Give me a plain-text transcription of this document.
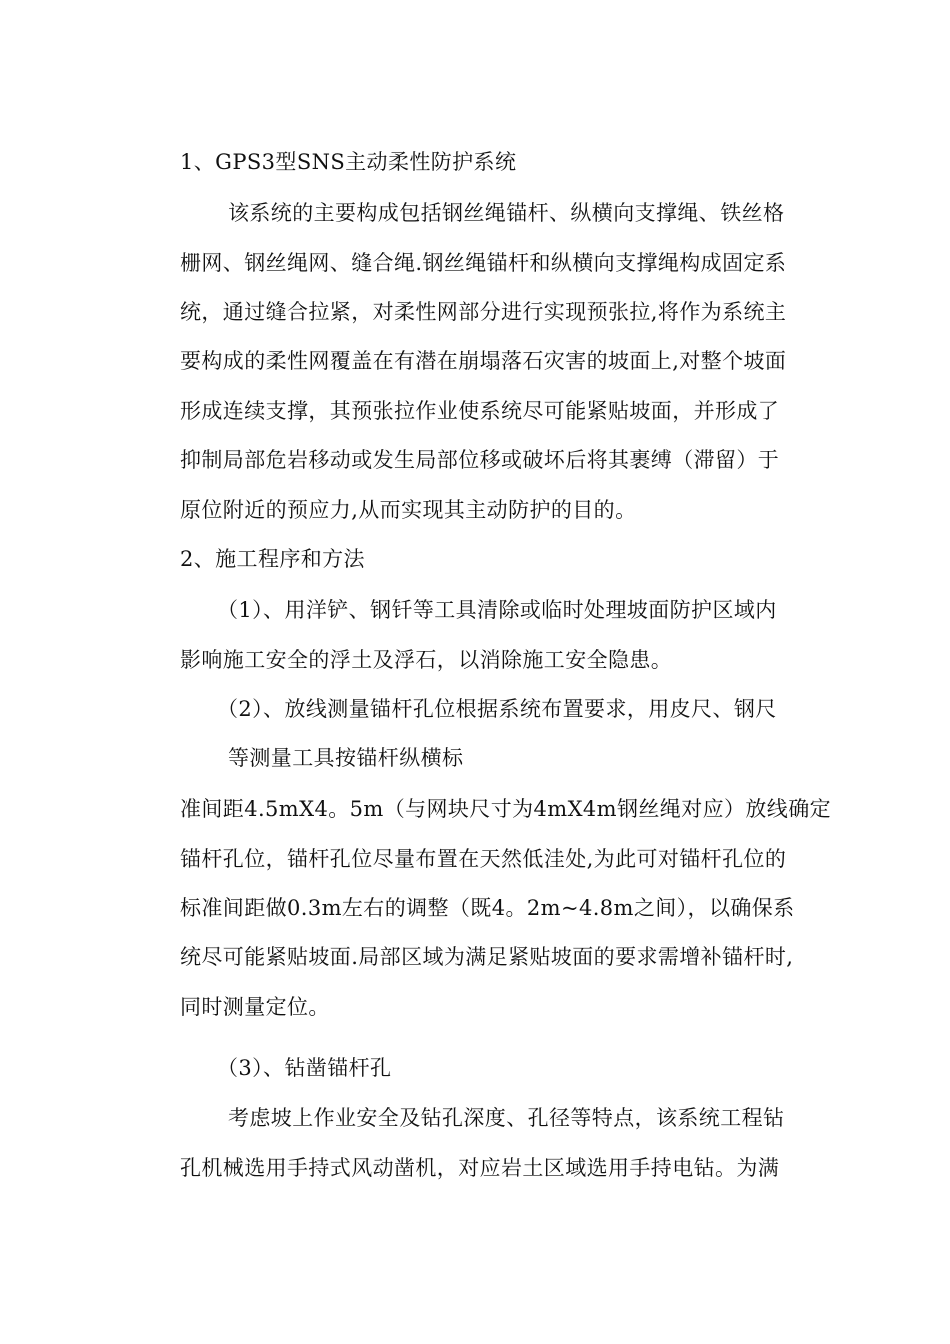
1、GPS3型SNS主动柔性防护系统
该系统的主要构成包括钢丝绳锚杆、纵横向支撑绳、铁丝格
栅网、钢丝绳网、缝合绳.钢丝绳锚杆和纵横向支撑绳构成固定系
统，通过缝合拉紧，对柔性网部分进行实现预张拉,将作为系统主
要构成的柔性网覆盖在有潜在崩塌落石灾害的坡面上,对整个坡面
形成连续支撑，其预张拉作业使系统尽可能紧贴坡面，并形成了
抑制局部危岩移动或发生局部位移或破坏后将其裹缚（滞留）于
原位附近的预应力,从而实现其主动防护的目的。
2、施工程序和方法
（1）、用洋铲、钢钎等工具清除或临时处理坡面防护区域内
影响施工安全的浮土及浮石，以消除施工安全隐患。
（2）、放线测量锚杆孔位根据系统布置要求，用皮尺、钢尺
等测量工具按锚杆纵横标
准间距4.5mX4。5m（与网块尺寸为4mX4m钢丝绳对应）放线确定
锚杆孔位，锚杆孔位尽量布置在天然低洼处,为此可对锚杆孔位的
标准间距做0.3m左右的调整（既4。2m~4.8m之间），以确保系
统尽可能紧贴坡面.局部区域为满足紧贴坡面的要求需增补锚杆时,
同时测量定位。
（3）、钻凿锚杆孔
考虑坡上作业安全及钻孔深度、孔径等特点，该系统工程钻
孔机械选用手持式风动凿机，对应岩土区域选用手持电钻。为满
